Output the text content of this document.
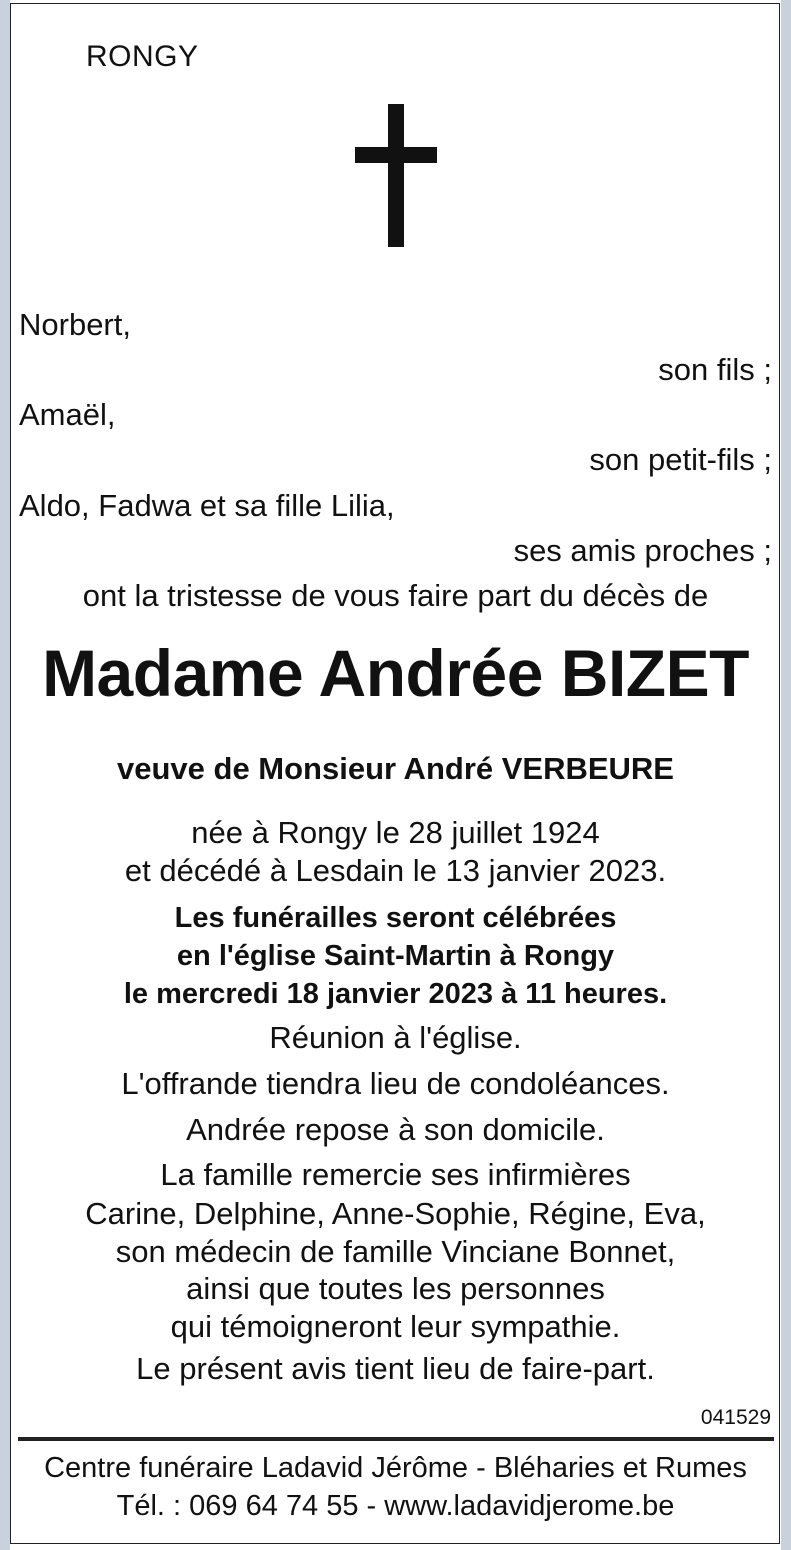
RONGY
Norbert,
son fils ;
Amaël,
son petit-fils ;
Aldo, Fadwa et sa fille Lilia,
ses amis proches ;
ont la tristesse de vous faire part du décès de
Madame Andrée BIZET
veuve de Monsieur André VERBEURE
née à Rongy le 28 juillet 1924
et décédé à Lesdain le 13 janvier 2023.
Les funérailles seront célébrées
en l'église Saint-Martin à Rongy
le mercredi 18 janvier 2023 à 11 heures.
Réunion à l'église.
L'offrande tiendra lieu de condoléances.
Andrée repose à son domicile.
La famille remercie ses infirmières
Carine, Delphine, Anne-Sophie, Régine, Eva,
son médecin de famille Vinciane Bonnet,
ainsi que toutes les personnes
qui témoigneront leur sympathie.
Le présent avis tient lieu de faire-part.
041529
Centre funéraire Ladavid Jérôme - Bléharies et Rumes
Tél. : 069 64 74 55 - www.ladavidjerome.be
